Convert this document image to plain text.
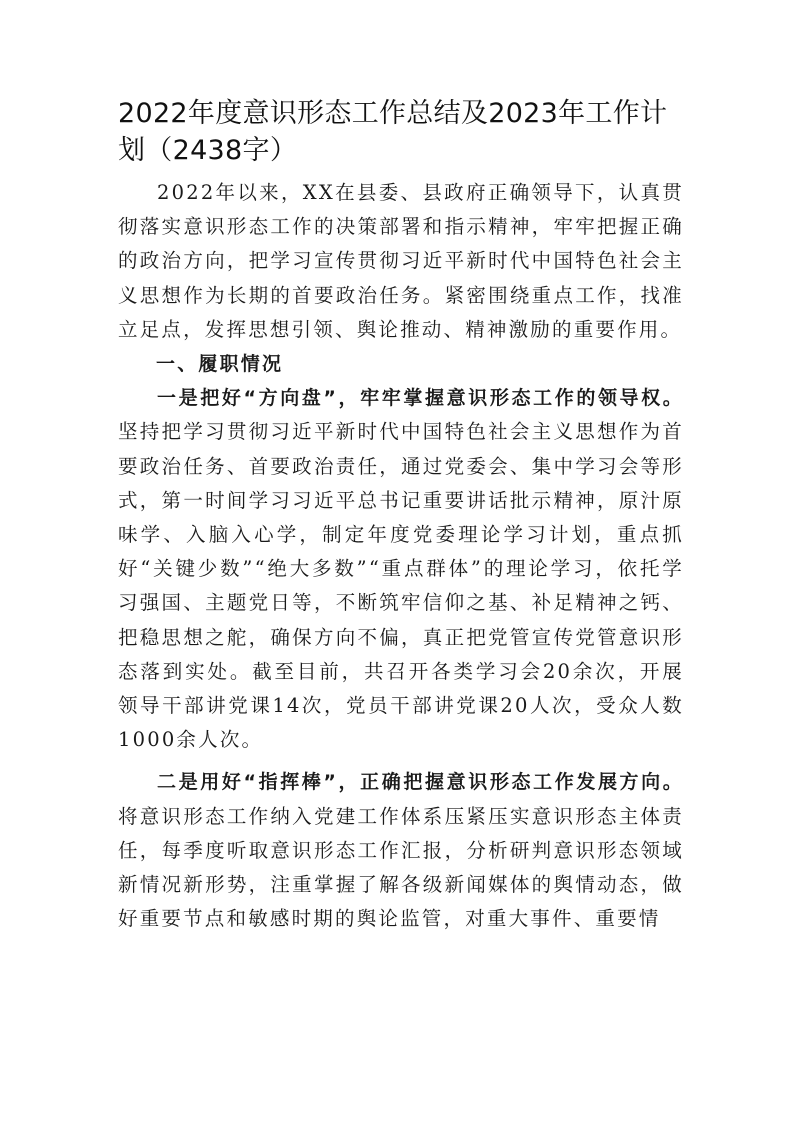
2022年度意识形态工作总结及2023年工作计划（2438字）

2022年以来，XX在县委、县政府正确领导下，认真贯彻落实意识形态工作的决策部署和指示精神，牢牢把握正确的政治方向，把学习宣传贯彻习近平新时代中国特色社会主义思想作为长期的首要政治任务。紧密围绕重点工作，找准立足点，发挥思想引领、舆论推动、精神激励的重要作用。

一、履职情况

一是把好“方向盘”，牢牢掌握意识形态工作的领导权。坚持把学习贯彻习近平新时代中国特色社会主义思想作为首要政治任务、首要政治责任，通过党委会、集中学习会等形式，第一时间学习习近平总书记重要讲话批示精神，原汁原味学、入脑入心学，制定年度党委理论学习计划，重点抓好“关键少数”“绝大多数”“重点群体”的理论学习，依托学习强国、主题党日等，不断筑牢信仰之基、补足精神之钙、把稳思想之舵，确保方向不偏，真正把党管宣传党管意识形态落到实处。截至目前，共召开各类学习会20余次，开展领导干部讲党课14次，党员干部讲党课20人次，受众人数1000余人次。

二是用好“指挥棒”，正确把握意识形态工作发展方向。将意识形态工作纳入党建工作体系压紧压实意识形态主体责任，每季度听取意识形态工作汇报，分析研判意识形态领域新情况新形势，注重掌握了解各级新闻媒体的舆情动态，做好重要节点和敏感时期的舆论监管，对重大事件、重要情
